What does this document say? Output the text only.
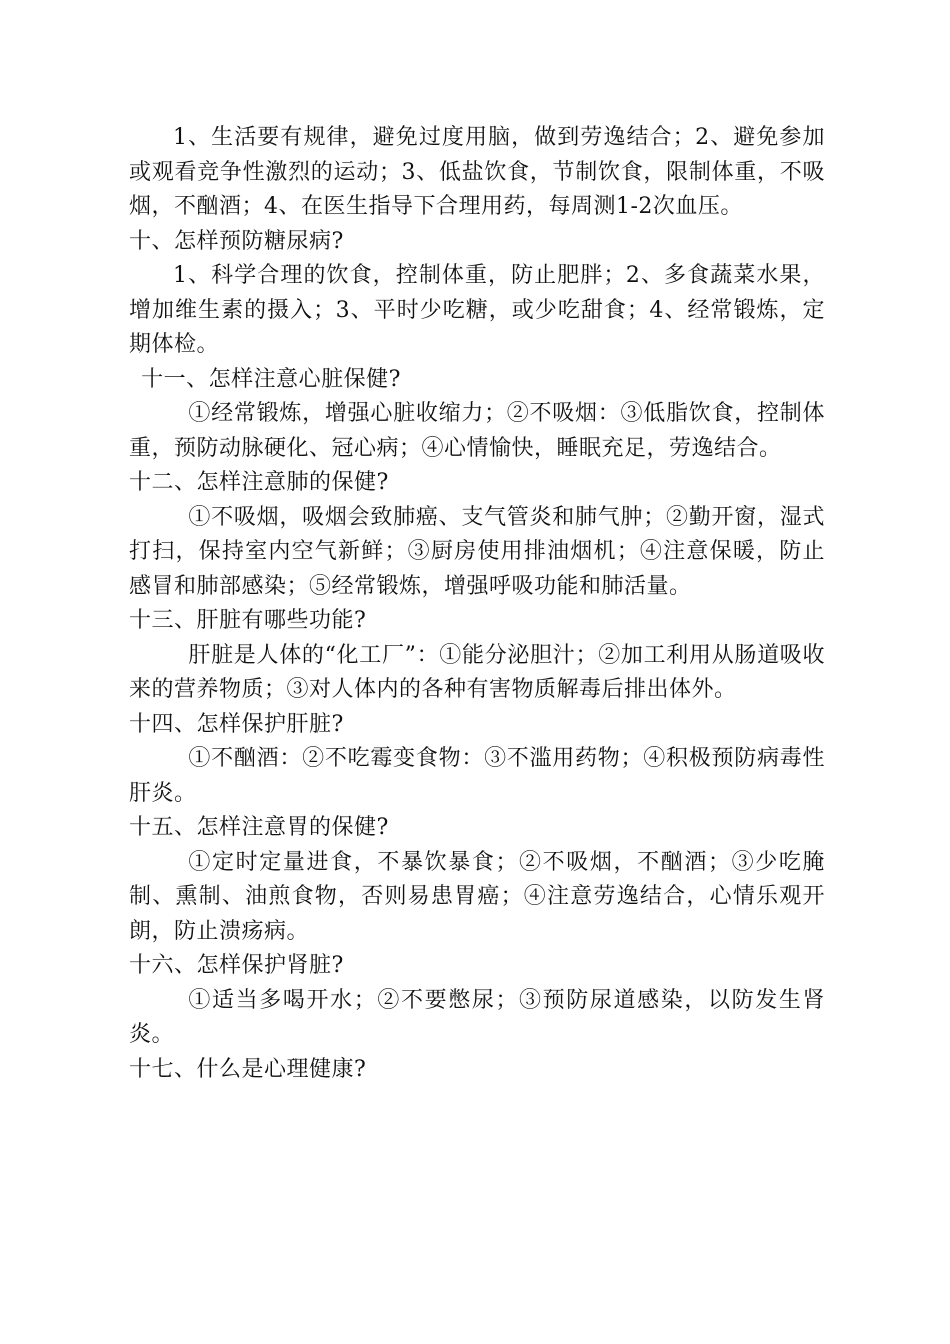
1、生活要有规律，避免过度用脑，做到劳逸结合；2、避免参加或观看竞争性激烈的运动；3、低盐饮食，节制饮食，限制体重，不吸烟，不酗酒；4、在医生指导下合理用药，每周测1-2次血压。

十、怎样预防糖尿病?

1、科学合理的饮食，控制体重，防止肥胖；2、多食蔬菜水果，增加维生素的摄入；3、平时少吃糖，或少吃甜食；4、经常锻炼，定期体检。

十一、怎样注意心脏保健?

①经常锻炼，增强心脏收缩力；②不吸烟：③低脂饮食，控制体重，预防动脉硬化、冠心病；④心情愉快，睡眠充足，劳逸结合。

十二、怎样注意肺的保健?

①不吸烟，吸烟会致肺癌、支气管炎和肺气肿；②勤开窗，湿式打扫，保持室内空气新鲜；③厨房使用排油烟机；④注意保暖，防止感冒和肺部感染；⑤经常锻炼，增强呼吸功能和肺活量。

十三、肝脏有哪些功能?

肝脏是人体的“化工厂”：①能分泌胆汁；②加工利用从肠道吸收来的营养物质；③对人体内的各种有害物质解毒后排出体外。

十四、怎样保护肝脏?

①不酗酒：②不吃霉变食物：③不滥用药物；④积极预防病毒性肝炎。

十五、怎样注意胃的保健?

①定时定量进食，不暴饮暴食；②不吸烟，不酗酒；③少吃腌制、熏制、油煎食物，否则易患胃癌；④注意劳逸结合，心情乐观开朗，防止溃疡病。

十六、怎样保护肾脏?

①适当多喝开水；②不要憋尿；③预防尿道感染，以防发生肾炎。

十七、什么是心理健康?
